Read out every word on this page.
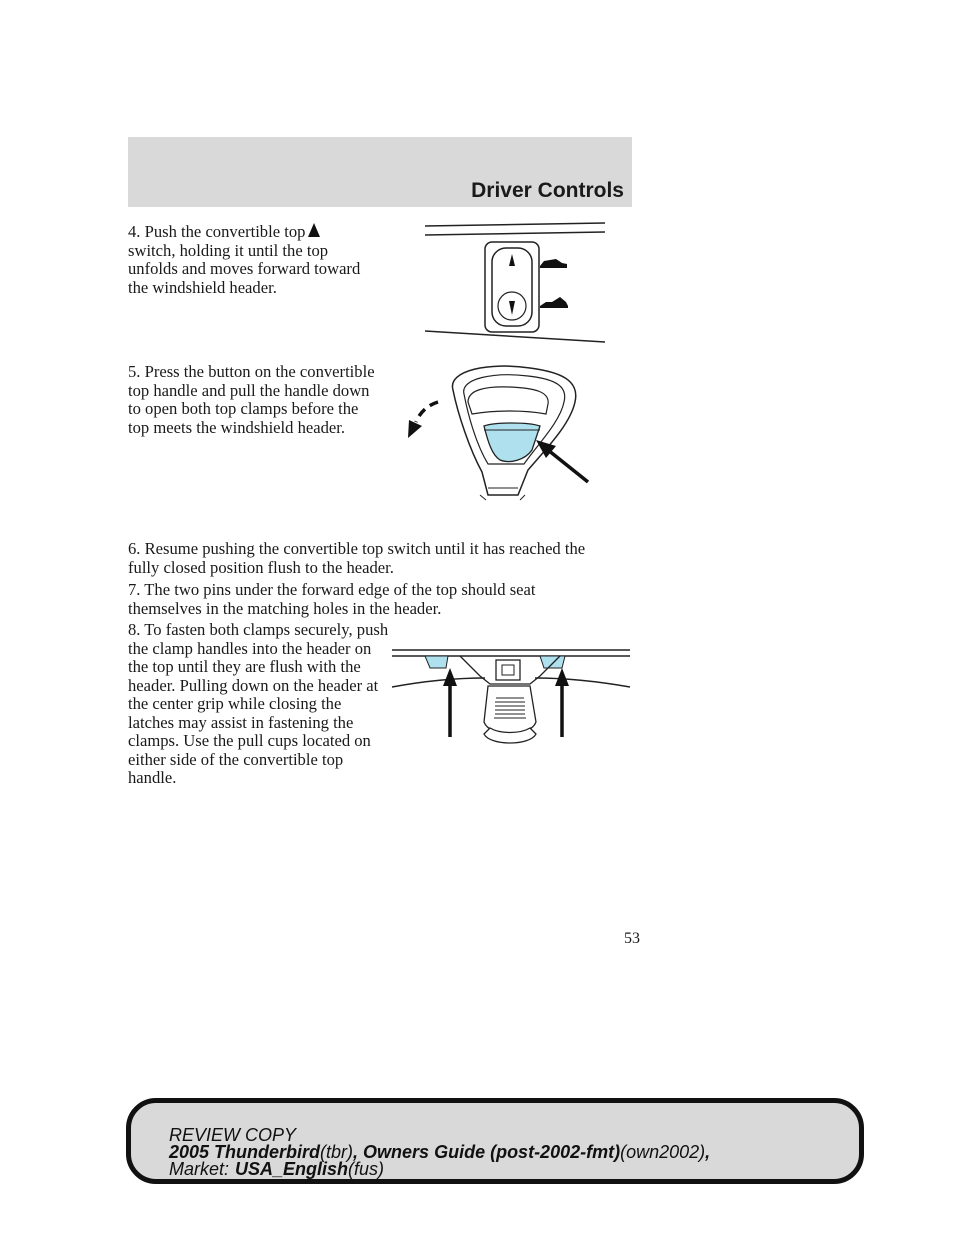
Driver Controls

4. Push the convertible top

switch, holding it until the top unfolds and moves forward toward the windshield header.

5. Press the button on the convertible top handle and pull the handle down to open both top clamps before the top meets the windshield header.

6. Resume pushing the convertible top switch until it has reached the fully closed position flush to the header.

7. The two pins under the forward edge of the top should seat themselves in the matching holes in the header.

8. To fasten both clamps securely, push the clamp handles into the header on the top until they are flush with the header. Pulling down on the header at the center grip while closing the latches may assist in fastening the clamps. Use the pull cups located on either side of the convertible top handle.

53
REVIEW COPY
2005 Thunderbird(tbr), Owners Guide (post-2002-fmt)(own2002),
Market: USA_English(fus)
